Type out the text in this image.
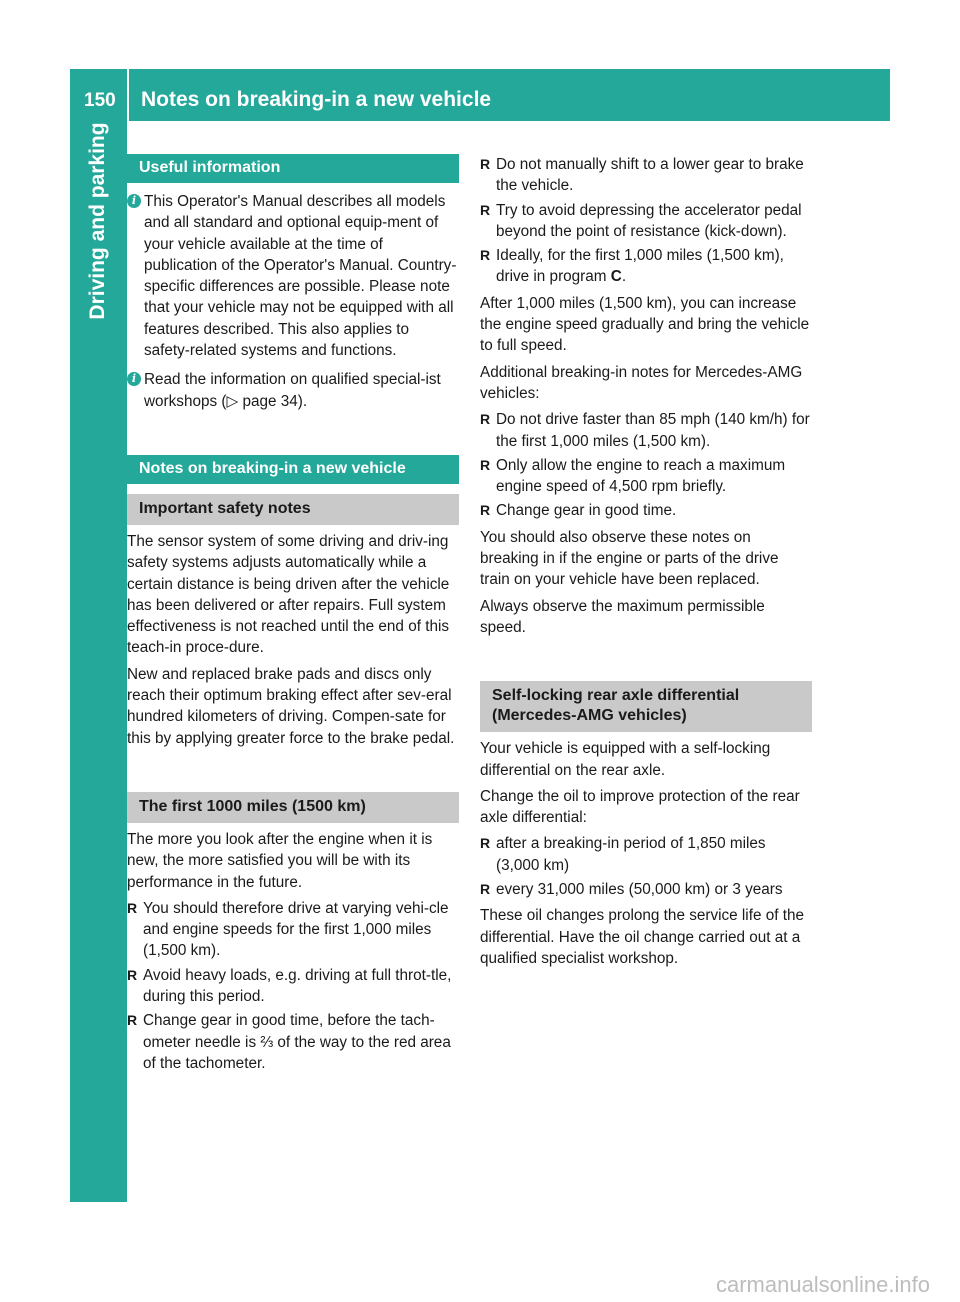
150 Notes on breaking-in a new vehicle
Driving and parking	Useful information
i This Operator's Manual describes all models and all standard and optional equip-ment of your vehicle available at the time of publication of the Operator's Manual. Country-specific differences are possible. Please note that your vehicle may not be equipped with all features described. This also applies to safety-related systems and functions.

i Read the information on qualified special-ist workshops (▷ page 34).

Notes on breaking-in a new vehicle
Important safety notes

The sensor system of some driving and driv-ing safety systems adjusts automatically while a certain distance is being driven after the vehicle has been delivered or after repairs. Full system effectiveness is not reached until the end of this teach-in proce-dure.

New and replaced brake pads and discs only reach their optimum braking effect after sev-eral hundred kilometers of driving. Compen-sate for this by applying greater force to the brake pedal.

The first 1000 miles (1500 km)

The more you look after the engine when it is new, the more satisfied you will be with its performance in the future.

R You should therefore drive at varying vehi-cle and engine speeds for the first 1,000 miles (1,500 km).
R Avoid heavy loads, e.g. driving at full throt-tle, during this period.
R Change gear in good time, before the tach-ometer needle is ⅔ of the way to the red area of the tachometer.
R Do not manually shift to a lower gear to brake the vehicle.
R Try to avoid depressing the accelerator pedal beyond the point of resistance (kick-down).
R Ideally, for the first 1,000 miles (1,500 km), drive in program C.

After 1,000 miles (1,500 km), you can increase the engine speed gradually and bring the vehicle to full speed.

Additional breaking-in notes for Mercedes-AMG vehicles:

R Do not drive faster than 85 mph (140 km/h) for the first 1,000 miles (1,500 km).
R Only allow the engine to reach a maximum engine speed of 4,500 rpm briefly.
R Change gear in good time.

You should also observe these notes on breaking in if the engine or parts of the drive train on your vehicle have been replaced.

Always observe the maximum permissible speed.

Self-locking rear axle differential (Mercedes-AMG vehicles)

Your vehicle is equipped with a self-locking differential on the rear axle.

Change the oil to improve protection of the rear axle differential:

R after a breaking-in period of 1,850 miles (3,000 km)
R every 31,000 miles (50,000 km) or 3 years

These oil changes prolong the service life of the differential. Have the oil change carried out at a qualified specialist workshop.

carmanualsonline.info
